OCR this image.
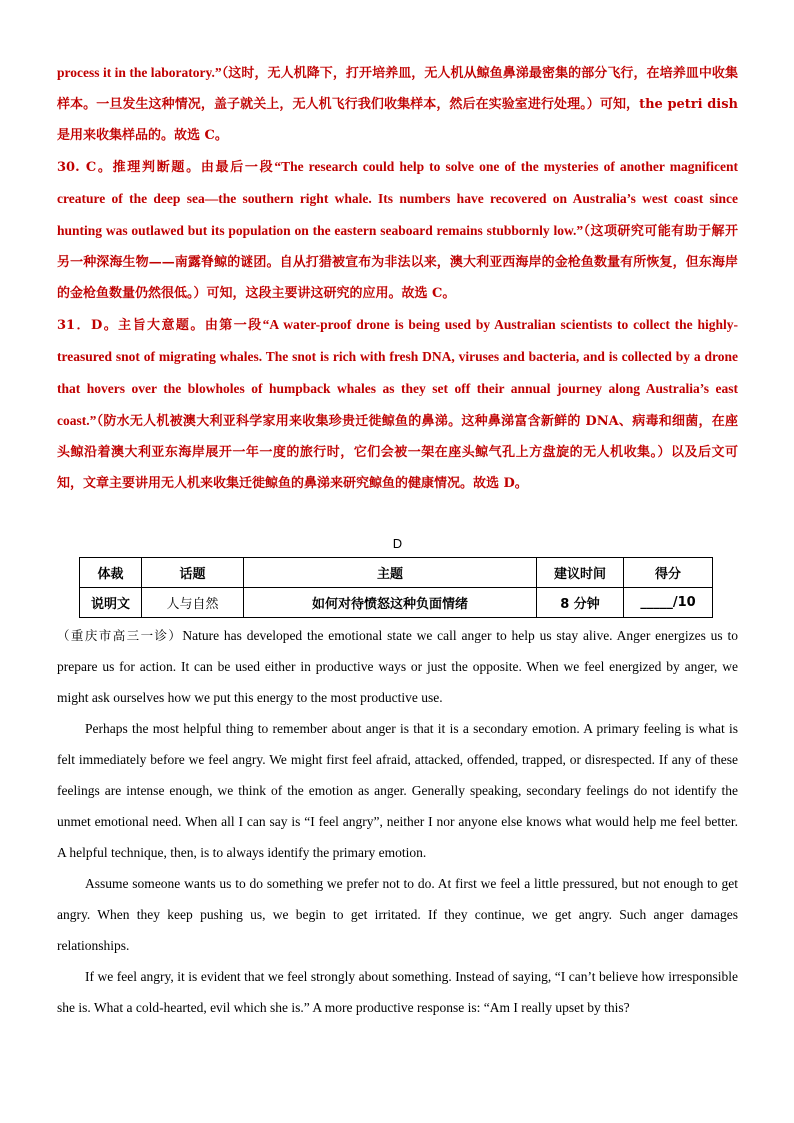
process it in the laboratory.”（这时，无人机降下，打开培养皿，无人机从鲸鱼鼻涕最密集的部分飞行，在培养皿中收集样本。一旦发生这种情况，盖子就关上，无人机飞行我们收集样本，然后在实验室进行处理。）可知，the petri dish 是用来收集样品的。故选 C。

30. C。推理判断题。由最后一段“The research could help to solve one of the mysteries of another magnificent creature of the deep sea—the southern right whale. Its numbers have recovered on Australia’s west coast since hunting was outlawed but its population on the eastern seaboard remains stubbornly low.”（这项研究可能有助于解开另一种深海生物——南露脊鲸的谜团。自从打猎被宣布为非法以来，澳大利亚西海岸的金枪鱼数量有所恢复，但东海岸的金枪鱼数量仍然很低。）可知，这段主要讲这研究的应用。故选 C。

31．D。主旨大意题。由第一段“A water-proof drone is being used by Australian scientists to collect the highly-treasured snot of migrating whales. The snot is rich with fresh DNA, viruses and bacteria, and is collected by a drone that hovers over the blowholes of humpback whales as they set off their annual journey along Australia’s east coast.”（防水无人机被澳大利亚科学家用来收集珍贵迁徙鲸鱼的鼻涕。这种鼻涕富含新鲜的 DNA、病毒和细菌，在座头鲸沿着澳大利亚东海岸展开一年一度的旅行时，它们会被一架在座头鲸气孔上方盘旋的无人机收集。）以及后文可知，文章主要讲用无人机来收集迁徙鲸鱼的鼻涕来研究鲸鱼的健康情况。故选 D。

D
体裁	话题	主题	建议时间	得分
说明文	人与自然	如何对待愤怒这种负面情绪	8 分钟	_____/10

（重庆市高三一诊）Nature has developed the emotional state we call anger to help us stay alive. Anger energizes us to prepare us for action. It can be used either in productive ways or just the opposite. When we feel energized by anger, we might ask ourselves how we put this energy to the most productive use.

Perhaps the most helpful thing to remember about anger is that it is a secondary emotion. A primary feeling is what is felt immediately before we feel angry. We might first feel afraid, attacked, offended, trapped, or disrespected. If any of these feelings are intense enough, we think of the emotion as anger. Generally speaking, secondary feelings do not identify the unmet emotional need. When all I can say is “I feel angry”, neither I nor anyone else knows what would help me feel better. A helpful technique, then, is to always identify the primary emotion.

Assume someone wants us to do something we prefer not to do. At first we feel a little pressured, but not enough to get angry. When they keep pushing us, we begin to get irritated. If they continue, we get angry. Such anger damages relationships.

If we feel angry, it is evident that we feel strongly about something. Instead of saying, “I can’t believe how irresponsible she is. What a cold-hearted, evil which she is.” A more productive response is: “Am I really upset by this?
